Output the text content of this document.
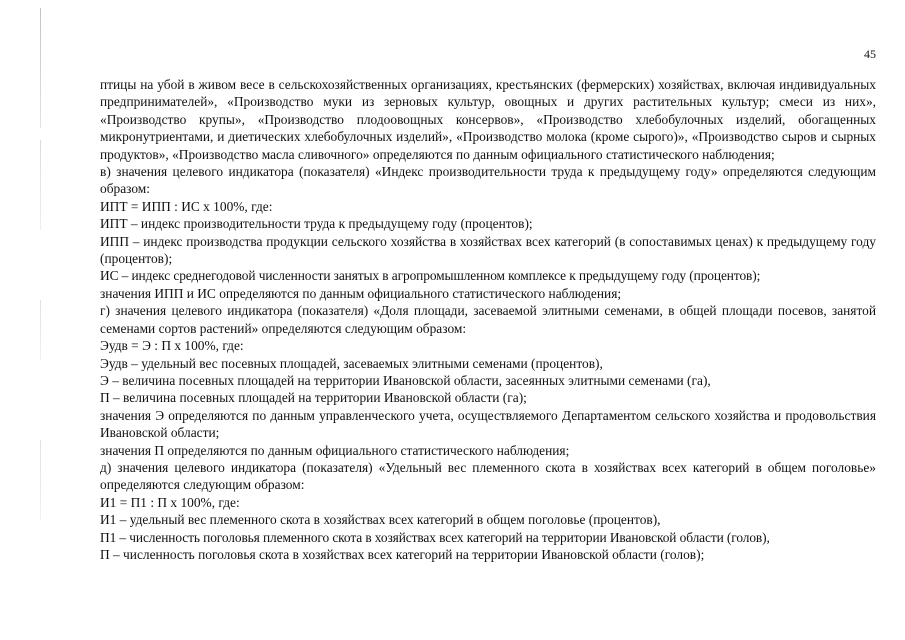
45

птицы на убой в живом весе в сельскохозяйственных организациях, крестьянских (фермерских) хозяйствах, включая индивидуальных предпринимателей», «Производство муки из зерновых культур, овощных и других растительных культур; смеси из них», «Производство крупы», «Производство плодоовощных консервов», «Производство хлебобулочных изделий, обогащенных микронутриентами, и диетических хлебобулочных изделий», «Производство молока (кроме сырого)», «Производство сыров и сырных продуктов», «Производство масла сливочного» определяются по данным официального статистического наблюдения;

в) значения целевого индикатора (показателя) «Индекс производительности труда к предыдущему году» определяются следующим образом:

ИПТ = ИПП : ИС x 100%, где:

ИПТ – индекс производительности труда к предыдущему году (процентов);

ИПП – индекс производства продукции сельского хозяйства в хозяйствах всех категорий (в сопоставимых ценах) к предыдущему году (процентов);

ИС – индекс среднегодовой численности занятых в агропромышленном комплексе к предыдущему году (процентов);

значения ИПП и ИС определяются по данным официального статистического наблюдения;

г) значения целевого индикатора (показателя) «Доля площади, засеваемой элитными семенами, в общей площади посевов, занятой семенами сортов растений» определяются следующим образом:

Эудв = Э : П x 100%, где:

Эудв – удельный вес посевных площадей, засеваемых элитными семенами (процентов),

Э – величина посевных площадей на территории Ивановской области, засеянных элитными семенами (га),

П – величина посевных площадей на территории Ивановской области (га);

значения Э определяются по данным управленческого учета, осуществляемого Департаментом сельского хозяйства и продовольствия Ивановской области;

значения П определяются по данным официального статистического наблюдения;

д) значения целевого индикатора (показателя) «Удельный вес племенного скота в хозяйствах всех категорий в общем поголовье» определяются следующим образом:

И1 = П1 : П x 100%, где:

И1 – удельный вес племенного скота в хозяйствах всех категорий в общем поголовье (процентов),

П1 – численность поголовья племенного скота в хозяйствах всех категорий на территории Ивановской области (голов),

П – численность поголовья скота в хозяйствах всех категорий на территории Ивановской области (голов);
